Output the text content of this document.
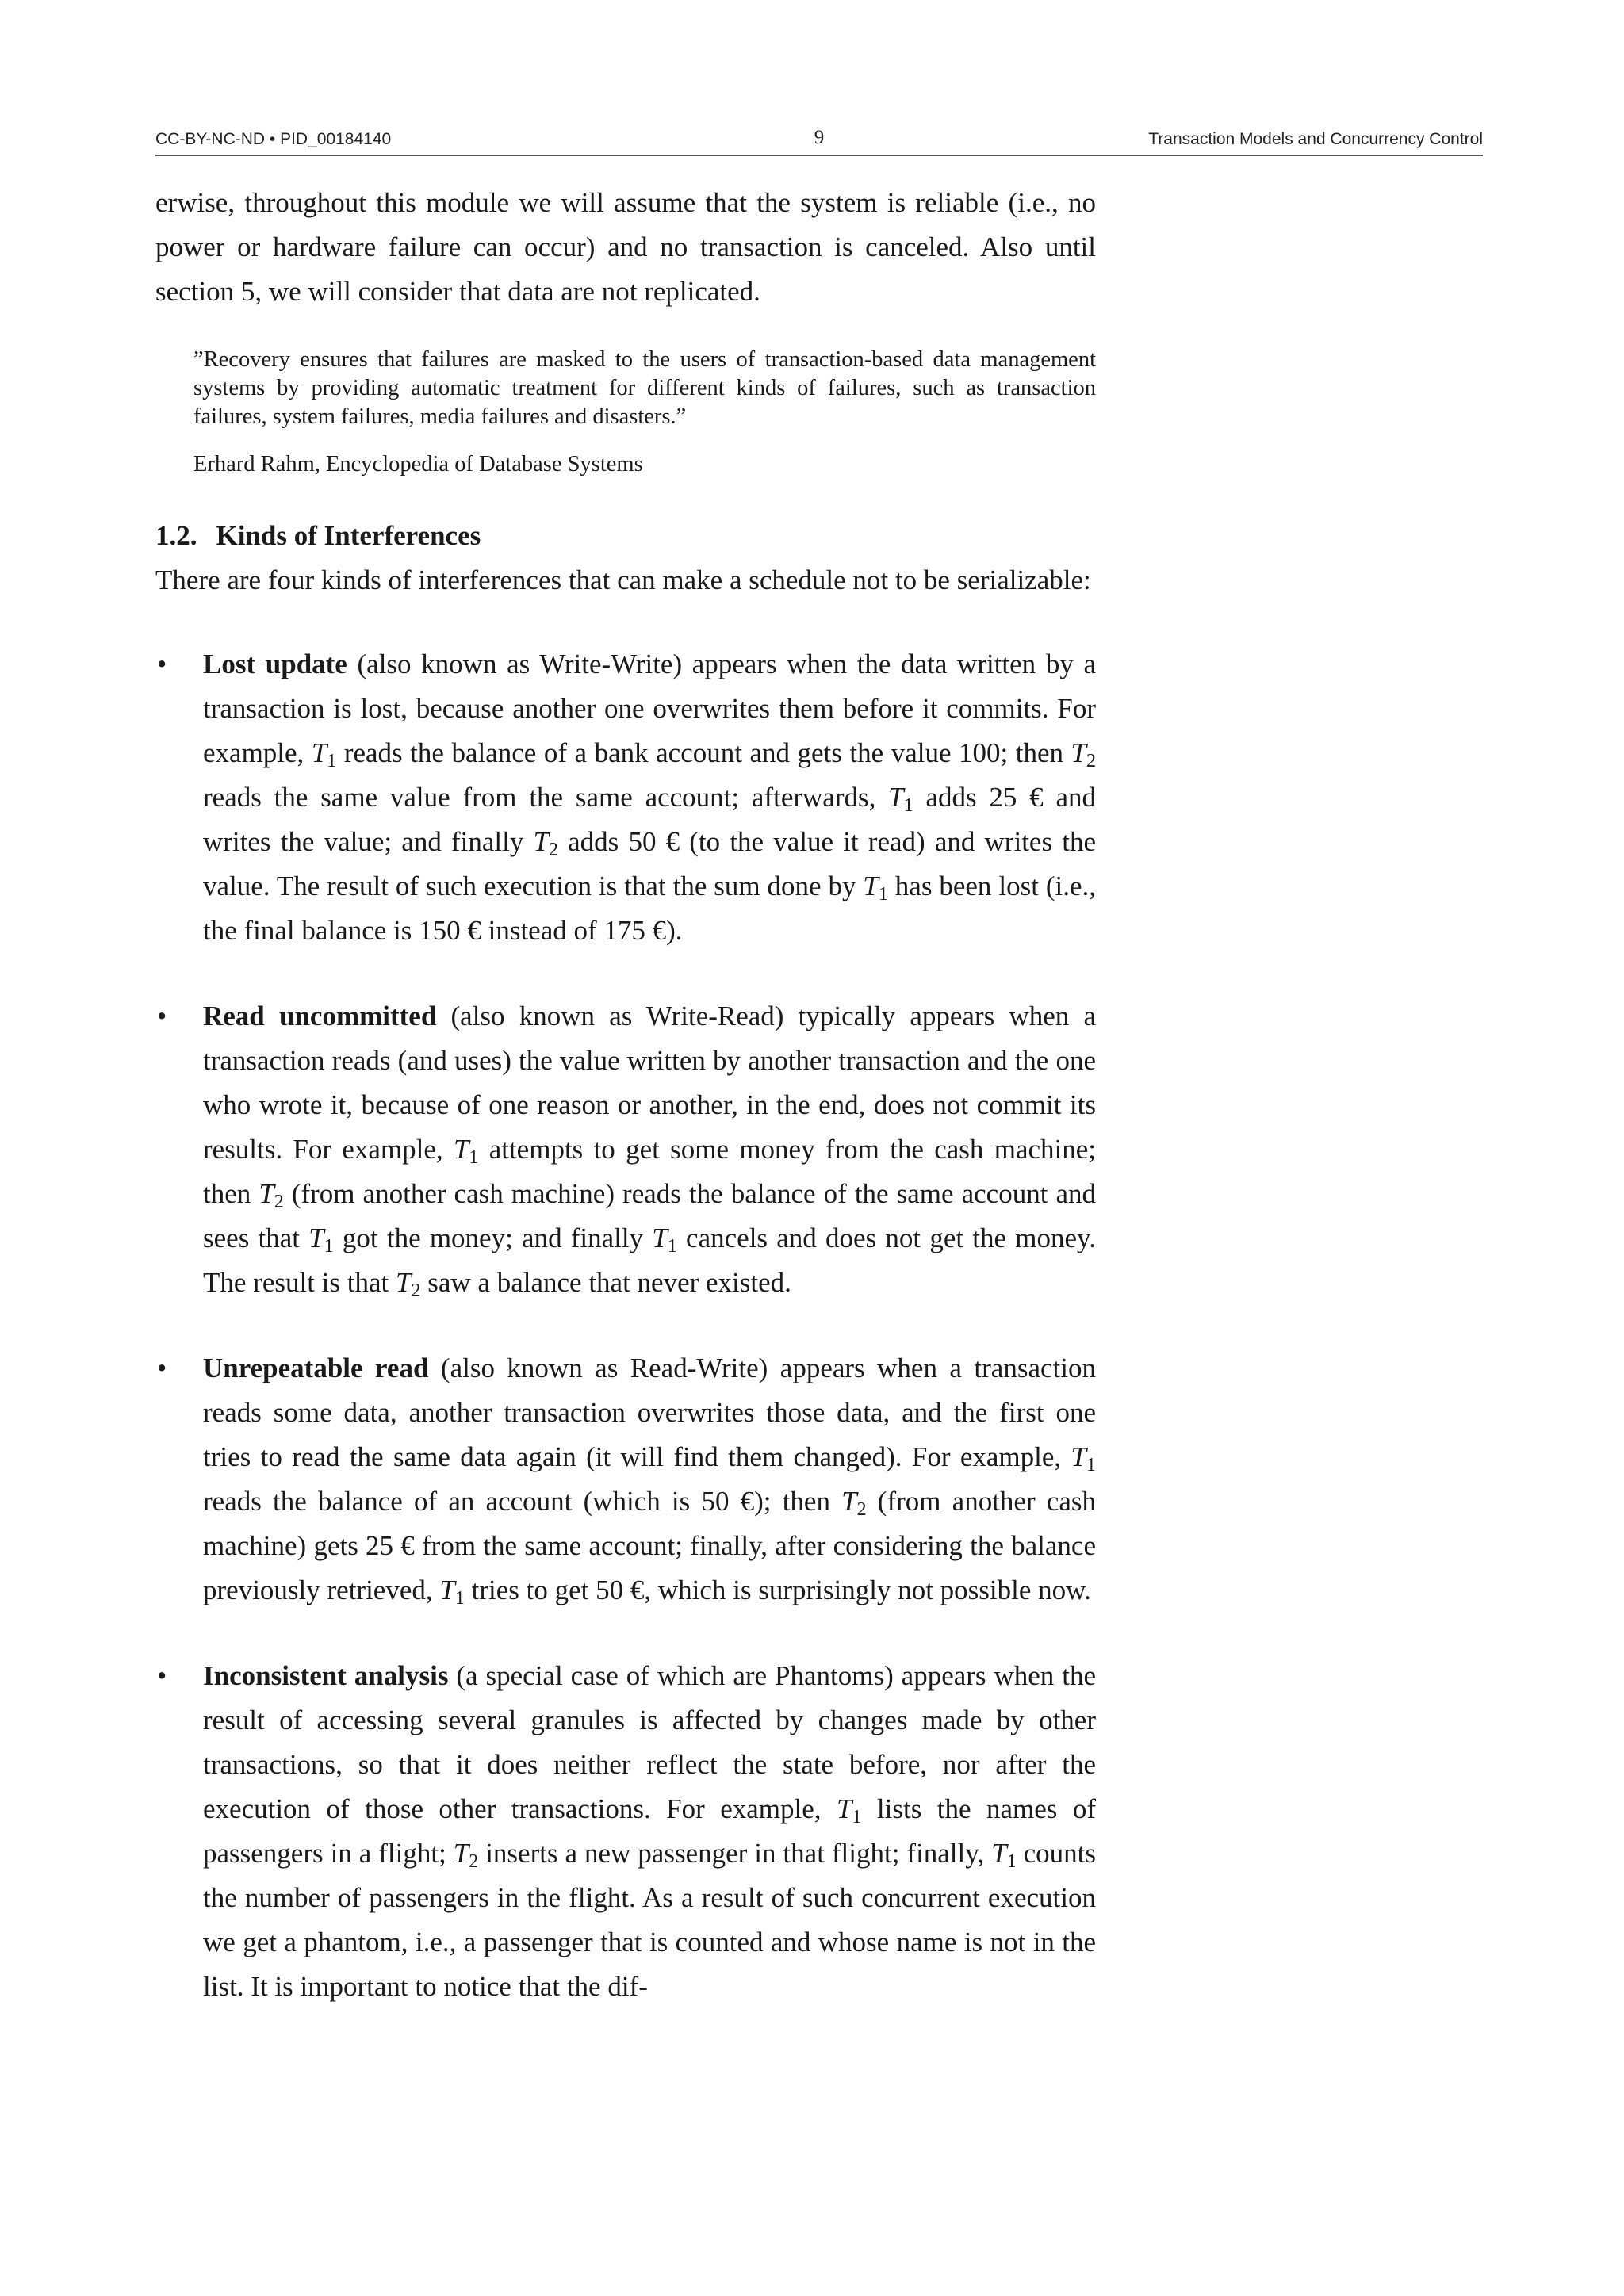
CC-BY-NC-ND • PID_00184140	9	Transaction Models and Concurrency Control

erwise, throughout this module we will assume that the system is reliable (i.e., no power or hardware failure can occur) and no transaction is canceled. Also until section 5, we will consider that data are not replicated.

”Recovery ensures that failures are masked to the users of transaction-based data management systems by providing automatic treatment for different kinds of failures, such as transaction failures, system failures, media failures and disasters.”
Erhard Rahm, Encyclopedia of Database Systems
1.2. Kinds of Interferences

There are four kinds of interferences that can make a schedule not to be serializable:

• Lost update (also known as Write-Write) appears when the data written by a transaction is lost, because another one overwrites them before it commits. For example, $T_1$ reads the balance of a bank account and gets the value 100; then $T_2$ reads the same value from the same account; afterwards, $T_1$ adds 25 € and writes the value; and finally $T_2$ adds 50 € (to the value it read) and writes the value. The result of such execution is that the sum done by $T_1$ has been lost (i.e., the final balance is 150 € instead of 175 €).
• Read uncommitted (also known as Write-Read) typically appears when a transaction reads (and uses) the value written by another transaction and the one who wrote it, because of one reason or another, in the end, does not commit its results. For example, $T_1$ attempts to get some money from the cash machine; then $T_2$ (from another cash machine) reads the balance of the same account and sees that $T_1$ got the money; and finally $T_1$ cancels and does not get the money. The result is that $T_2$ saw a balance that never existed.
• Unrepeatable read (also known as Read-Write) appears when a transaction reads some data, another transaction overwrites those data, and the first one tries to read the same data again (it will find them changed). For example, $T_1$ reads the balance of an account (which is 50 €); then $T_2$ (from another cash machine) gets 25 € from the same account; finally, after considering the balance previously retrieved, $T_1$ tries to get 50 €, which is surprisingly not possible now.
• Inconsistent analysis (a special case of which are Phantoms) appears when the result of accessing several granules is affected by changes made by other transactions, so that it does neither reflect the state before, nor after the execution of those other transactions. For example, $T_1$ lists the names of passengers in a flight; $T_2$ inserts a new passenger in that flight; finally, $T_1$ counts the number of passengers in the flight. As a result of such concurrent execution we get a phantom, i.e., a passenger that is counted and whose name is not in the list. It is important to notice that the dif-
